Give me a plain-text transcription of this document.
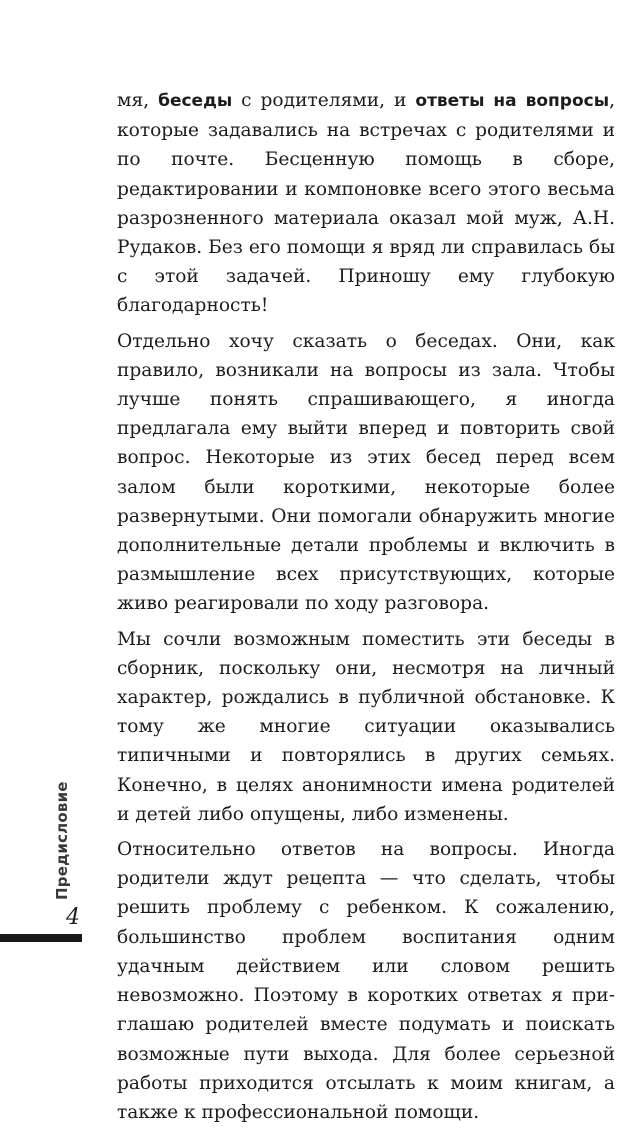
мя, беседы с родителями, и ответы на вопросы, которые задавались на встречах с родителями и по почте. Бесценную помощь в сборе, редактировании и компоновке всего этого весьма разрозненного материала оказал мой муж, А.Н. Рудаков. Без его помощи я вряд ли справилась бы с этой задачей. Приношу ему глубокую благодарность!

Отдельно хочу сказать о беседах. Они, как правило, возникали на вопросы из зала. Чтобы лучше понять спрашивающего, я иногда предлагала ему выйти вперед и повторить свой вопрос. Некоторые из этих бесед перед всем залом были короткими, некоторые более развернутыми. Они помогали обнаружить многие дополнительные детали проблемы и включить в размышление всех присутствующих, которые живо реагировали по ходу разговора.

Мы сочли возможным поместить эти беседы в сборник, поскольку они, несмотря на личный характер, рождались в публичной обстановке. К тому же многие ситуации оказывались типичными и повторялись в других семьях. Конечно, в целях анонимности имена родителей и детей либо опущены, либо изменены.

Относительно ответов на вопросы. Иногда родители ждут рецепта — что сделать, чтобы решить проблему с ребенком. К сожалению, большинство проблем воспитания одним удачным действием или словом решить невозможно. Поэтому в коротких ответах я приглашаю родителей вместе подумать и поискать возможные пути выхода. Для более серьезной работы приходится отсылать к моим книгам, а также к профессиональной помощи.

Предисловие
4
